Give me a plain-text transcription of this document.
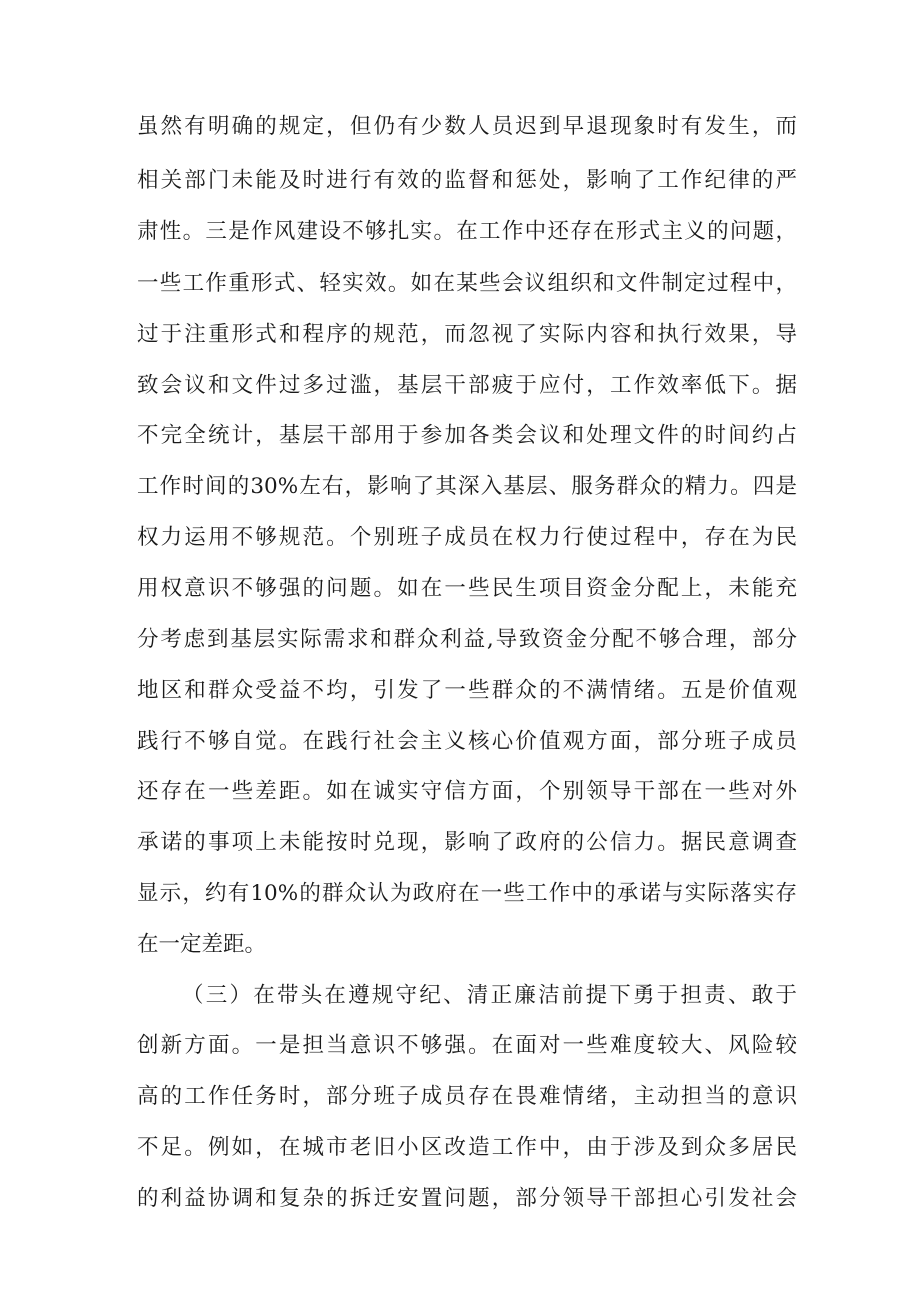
虽然有明确的规定，但仍有少数人员迟到早退现象时有发生，而
相关部门未能及时进行有效的监督和惩处，影响了工作纪律的严
肃性。三是作风建设不够扎实。在工作中还存在形式主义的问题，
一些工作重形式、轻实效。如在某些会议组织和文件制定过程中，
过于注重形式和程序的规范，而忽视了实际内容和执行效果，导
致会议和文件过多过滥，基层干部疲于应付，工作效率低下。据
不完全统计，基层干部用于参加各类会议和处理文件的时间约占
工作时间的30%左右，影响了其深入基层、服务群众的精力。四是
权力运用不够规范。个别班子成员在权力行使过程中，存在为民
用权意识不够强的问题。如在一些民生项目资金分配上，未能充
分考虑到基层实际需求和群众利益,导致资金分配不够合理，部分
地区和群众受益不均，引发了一些群众的不满情绪。五是价值观
践行不够自觉。在践行社会主义核心价值观方面，部分班子成员
还存在一些差距。如在诚实守信方面，个别领导干部在一些对外
承诺的事项上未能按时兑现，影响了政府的公信力。据民意调查
显示，约有10%的群众认为政府在一些工作中的承诺与实际落实存
在一定差距。
（三）在带头在遵规守纪、清正廉洁前提下勇于担责、敢于
创新方面。一是担当意识不够强。在面对一些难度较大、风险较
高的工作任务时，部分班子成员存在畏难情绪，主动担当的意识
不足。例如，在城市老旧小区改造工作中，由于涉及到众多居民
的利益协调和复杂的拆迁安置问题，部分领导干部担心引发社会
